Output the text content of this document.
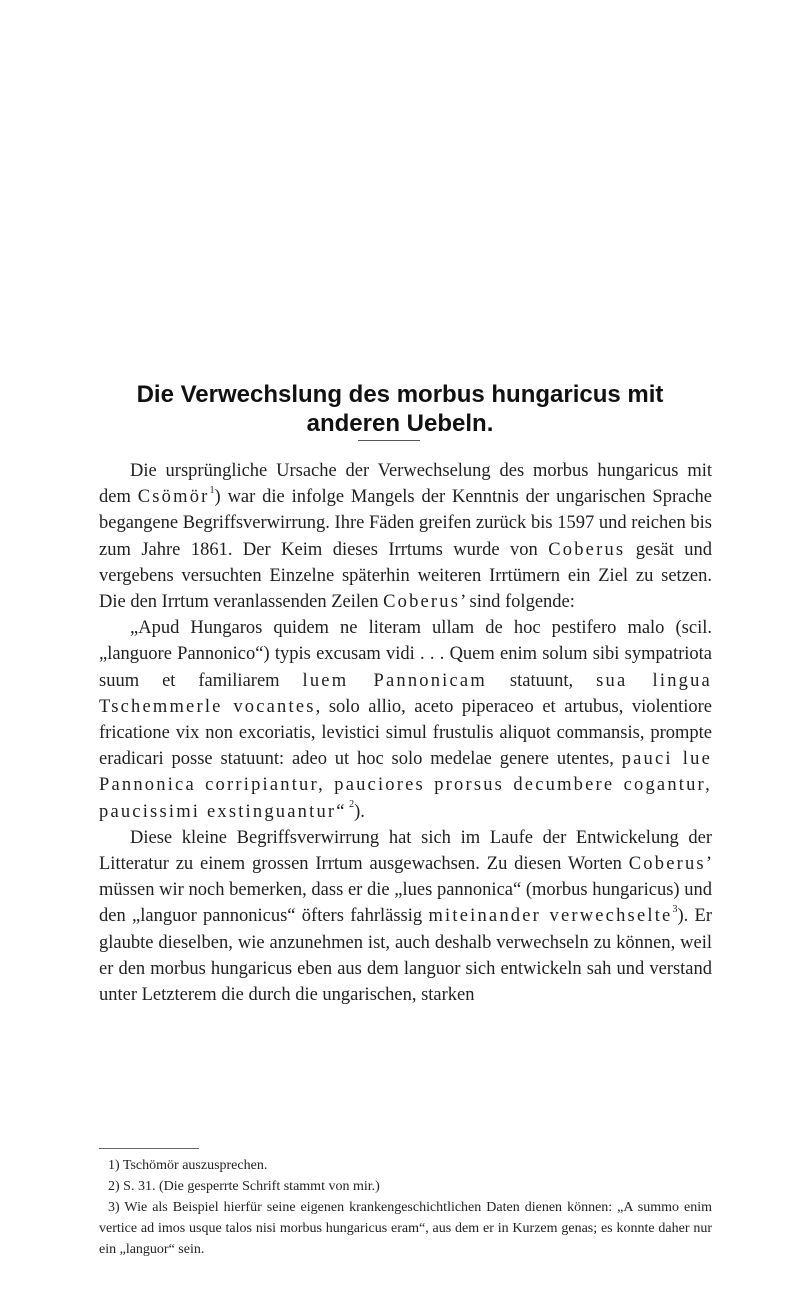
Die Verwechslung des morbus hungaricus mit
anderen Uebeln.

Die ursprüngliche Ursache der Verwechselung des morbus hungaricus mit dem Csömör$^1$) war die infolge Mangels der Kenntnis der ungarischen Sprache begangene Begriffsverwirrung. Ihre Fäden greifen zurück bis 1597 und reichen bis zum Jahre 1861. Der Keim dieses Irrtums wurde von Coberus gesät und vergebens versuchten Einzelne späterhin weiteren Irrtümern ein Ziel zu setzen. Die den Irrtum veranlassenden Zeilen Coberus’ sind folgende:

„Apud Hungaros quidem ne literam ullam de hoc pestifero malo (scil. „languore Pannonico“) typis excusam vidi . . . Quem enim solum sibi sympatriota suum et familiarem luem Pannonicam statuunt, sua lingua Tschemmerle vocantes, solo allio, aceto piperaceo et artubus, violentiore fricatione vix non excoriatis, levistici simul frustulis aliquot commansis, prompte eradicari posse statuunt: adeo ut hoc solo medelae genere utentes, pauci lue Pannonica corripiantur, pauciores prorsus decumbere cogantur, paucissimi exstinguantur“ $^2$).

Diese kleine Begriffsverwirrung hat sich im Laufe der Entwickelung der Litteratur zu einem grossen Irrtum ausgewachsen. Zu diesen Worten Coberus’ müssen wir noch bemerken, dass er die „lues pannonica“ (morbus hungaricus) und den „languor pannonicus“ öfters fahrlässig miteinander verwechselte$^3$). Er glaubte dieselben, wie anzunehmen ist, auch deshalb verwechseln zu können, weil er den morbus hungaricus eben aus dem languor sich entwickeln sah und verstand unter Letzterem die durch die ungarischen, starken

1) Tschömör auszusprechen.

2) S. 31. (Die gesperrte Schrift stammt von mir.)

3) Wie als Beispiel hierfür seine eigenen krankengeschichtlichen Daten dienen können: „A summo enim vertice ad imos usque talos nisi morbus hungaricus eram“, aus dem er in Kurzem genas; es konnte daher nur ein „languor“ sein.
